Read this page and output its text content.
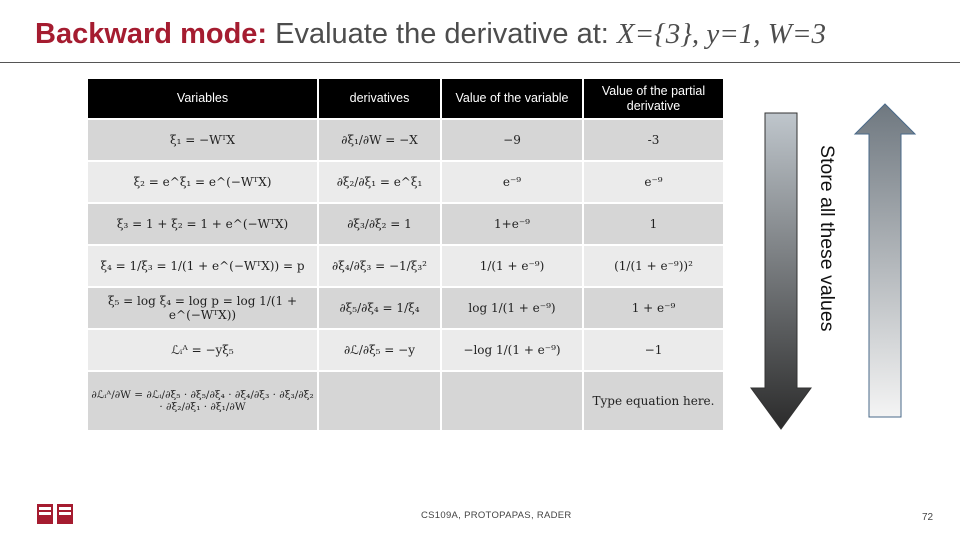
Backward mode: Evaluate the derivative at: X={3}, y=1, W=3
Variables	derivatives	Value of the variable	Value of the partial derivative
ξ₁ = −WᵀX	∂ξ₁/∂W = −X	−9	-3
ξ₂ = e^ξ₁ = e^(−WᵀX)	∂ξ₂/∂ξ₁ = e^ξ₁	e⁻⁹	e⁻⁹
ξ₃ = 1 + ξ₂ = 1 + e^(−WᵀX)	∂ξ₃/∂ξ₂ = 1	1+e⁻⁹	1
ξ₄ = 1/ξ₃ = 1/(1 + e^(−WᵀX)) = p	∂ξ₄/∂ξ₃ = −1/ξ₃²	1/(1 + e⁻⁹)	(1/(1 + e⁻⁹))²
ξ₅ = log ξ₄ = log p = log 1/(1 + e^(−WᵀX))	∂ξ₅/∂ξ₄ = 1/ξ₄	log 1/(1 + e⁻⁹)	1 + e⁻⁹
ℒᵢᴬ = −yξ₅	∂ℒ/∂ξ₅ = −y	−log 1/(1 + e⁻⁹)	−1
∂ℒᵢᴬ/∂W = ∂ℒᵢ/∂ξ₅ · ∂ξ₅/∂ξ₄ · ∂ξ₄/∂ξ₃ · ∂ξ₃/∂ξ₂ · ∂ξ₂/∂ξ₁ · ∂ξ₁/∂W			Type equation here.
Store all these values
CS109A, PROTOPAPAS, RADER	72
